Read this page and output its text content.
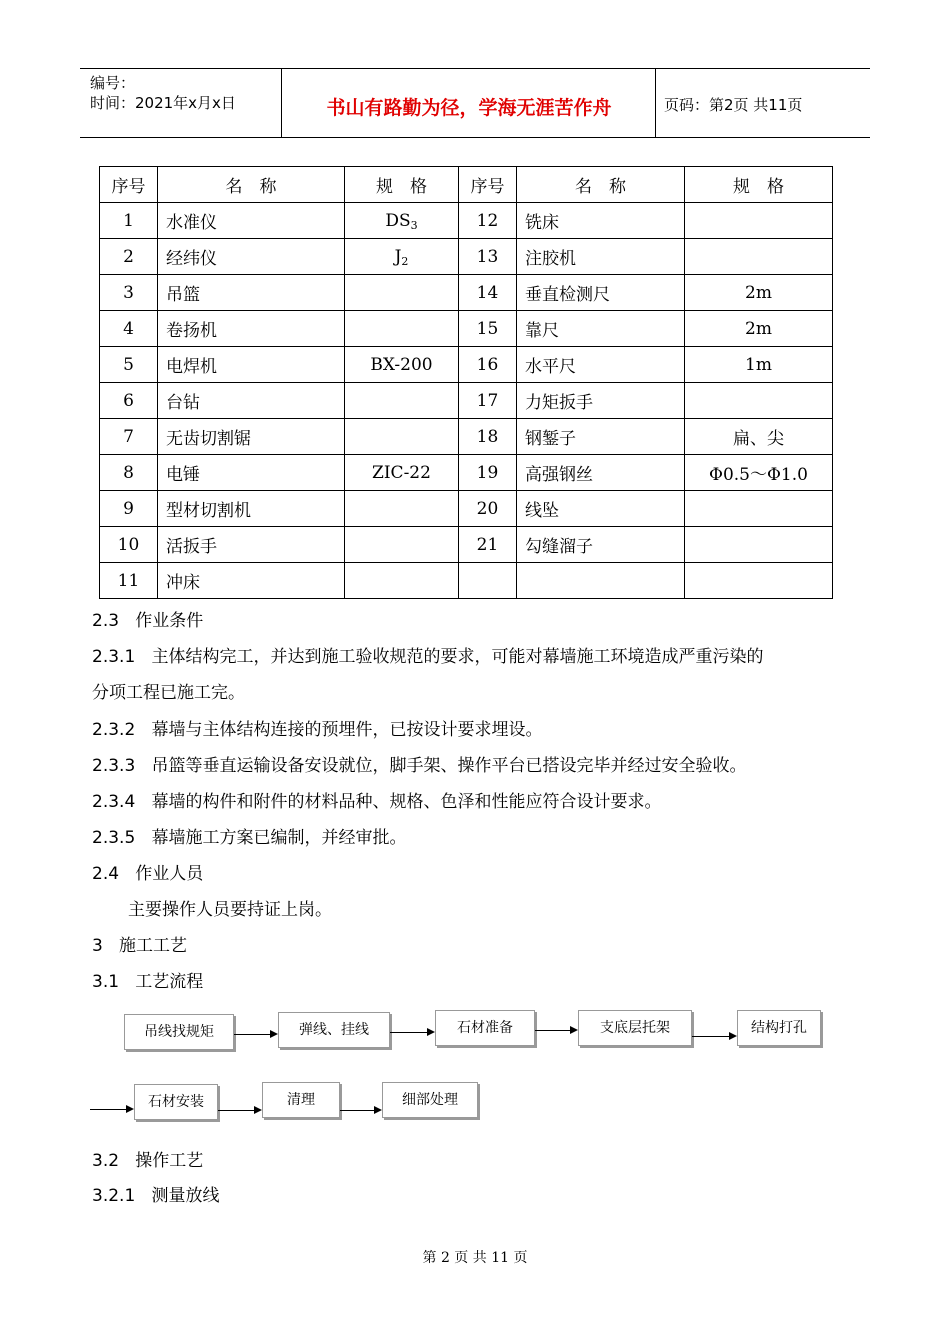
编号：
时间：2021年x月x日	书山有路勤为径，学海无涯苦作舟	页码：第2页 共11页
序号	名　称	规　格	序号	名　称	规　格
1	水准仪	$DS_3$	12	铣床	
2	经纬仪	$J_2$	13	注胶机	
3	吊篮		14	垂直检测尺	2m
4	卷扬机		15	靠尺	2m
5	电焊机	BX-200	16	水平尺	1m
6	台钻		17	力矩扳手	
7	无齿切割锯		18	钢錾子	扁、尖
8	电锤	ZIC-22	19	高强钢丝	Φ0.5～Φ1.0
9	型材切割机		20	线坠	
10	活扳手		21	勾缝溜子	
11	冲床				
2.3 作业条件
2.3.1 主体结构完工，并达到施工验收规范的要求，可能对幕墙施工环境造成严重污染的
分项工程已施工完。
2.3.2 幕墙与主体结构连接的预埋件，已按设计要求埋设。
2.3.3 吊篮等垂直运输设备安设就位，脚手架、操作平台已搭设完毕并经过安全验收。
2.3.4 幕墙的构件和附件的材料品种、规格、色泽和性能应符合设计要求。
2.3.5 幕墙施工方案已编制，并经审批。
2.4 作业人员
主要操作人员要持证上岗。
3 施工工艺
3.1 工艺流程
吊线找规矩	弹线、挂线	石材准备	支底层托架	结构打孔
石材安装	清理	细部处理
3.2 操作工艺
3.2.1 测量放线
第 2 页 共 11 页
